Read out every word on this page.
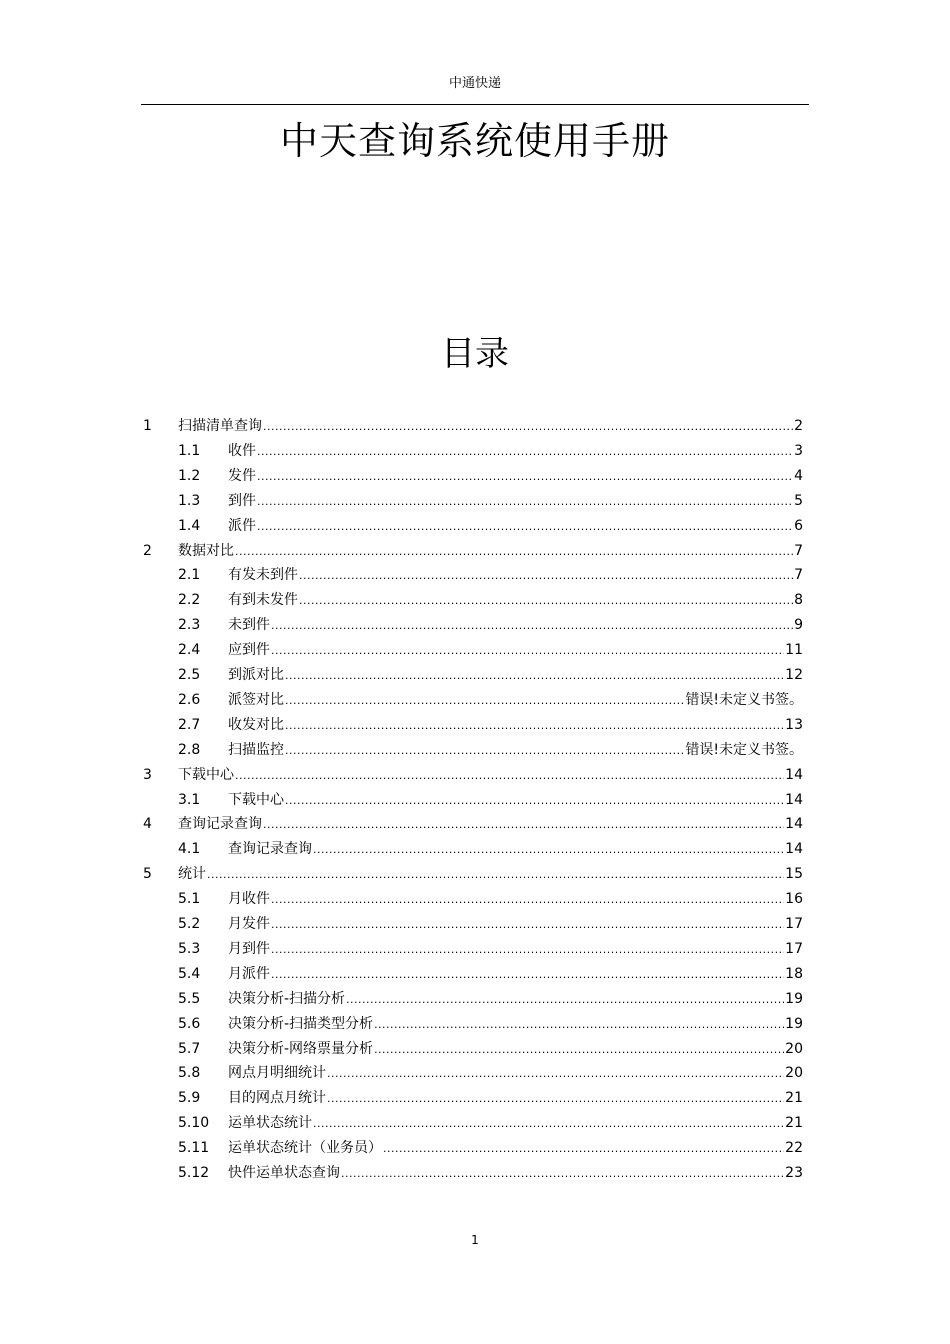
中通快递
中天查询系统使用手册
目录
1 扫描清单查询 .....	2
1.1 收件 .....	3
1.2 发件 .....	4
1.3 到件 .....	5
1.4 派件 .....	6
2 数据对比 .....	7
2.1 有发未到件 .....	7
2.2 有到未发件 .....	8
2.3 未到件 .....	9
2.4 应到件 .....	11
2.5 到派对比 .....	12
2.6 派签对比 .....	错误!未定义书签。
2.7 收发对比 .....	13
2.8 扫描监控 .....	错误!未定义书签。
3 下载中心 .....	14
3.1 下载中心 .....	14
4 查询记录查询 .....	14
4.1 查询记录查询 .....	14
5 统计 .....	15
5.1 月收件 .....	16
5.2 月发件 .....	17
5.3 月到件 .....	17
5.4 月派件 .....	18
5.5 决策分析-扫描分析 .....	19
5.6 决策分析-扫描类型分析 .....	19
5.7 决策分析-网络票量分析 .....	20
5.8 网点月明细统计 .....	20
5.9 目的网点月统计 .....	21
5.10 运单状态统计 .....	21
5.11 运单状态统计（业务员） .....	22
5.12 快件运单状态查询 .....	23
1
